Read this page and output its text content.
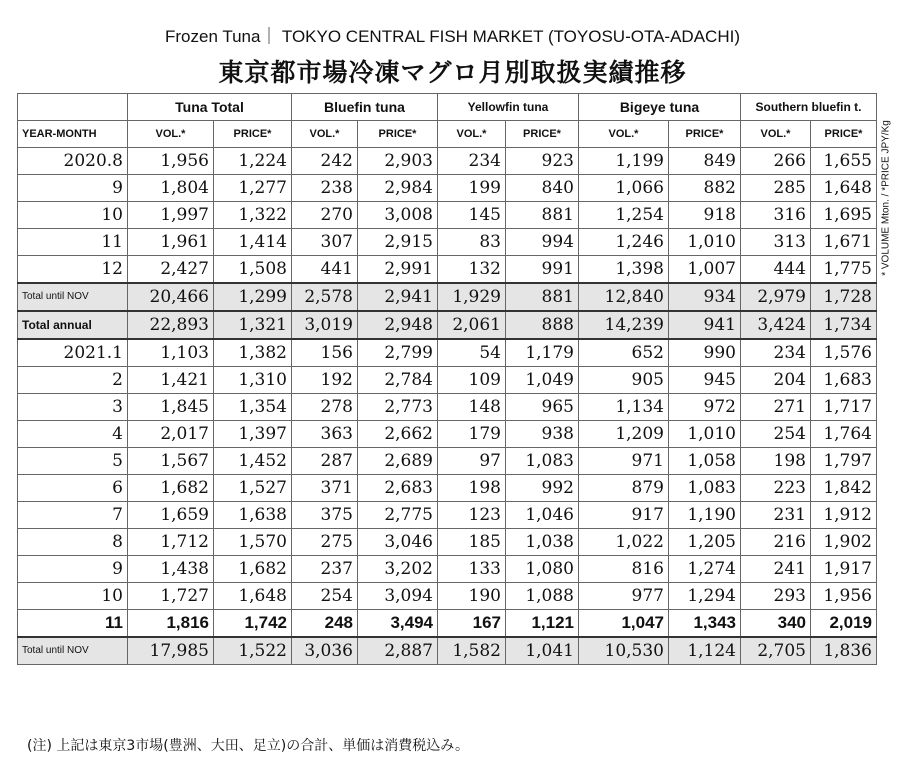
Frozen Tuna｜ TOKYO CENTRAL FISH MARKET (TOYOSU-OTA-ADACHI)
東京都市場冷凍マグロ月別取扱実績推移
* VOLUME Mton. / *PRICE JPY/Kg
	Tuna Total		Bluefin tuna		Yellowfin tuna		Bigeye tuna		Southern bluefin t.	
YEAR-MONTH	VOL.*	PRICE*	VOL.*	PRICE*	VOL.*	PRICE*	VOL.*	PRICE*	VOL.*	PRICE*
2020.8	1,956	1,224	242	2,903	234	923	1,199	849	266	1,655
9	1,804	1,277	238	2,984	199	840	1,066	882	285	1,648
10	1,997	1,322	270	3,008	145	881	1,254	918	316	1,695
11	1,961	1,414	307	2,915	83	994	1,246	1,010	313	1,671
12	2,427	1,508	441	2,991	132	991	1,398	1,007	444	1,775
Total until NOV	20,466	1,299	2,578	2,941	1,929	881	12,840	934	2,979	1,728
Total annual	22,893	1,321	3,019	2,948	2,061	888	14,239	941	3,424	1,734
2021.1	1,103	1,382	156	2,799	54	1,179	652	990	234	1,576
2	1,421	1,310	192	2,784	109	1,049	905	945	204	1,683
3	1,845	1,354	278	2,773	148	965	1,134	972	271	1,717
4	2,017	1,397	363	2,662	179	938	1,209	1,010	254	1,764
5	1,567	1,452	287	2,689	97	1,083	971	1,058	198	1,797
6	1,682	1,527	371	2,683	198	992	879	1,083	223	1,842
7	1,659	1,638	375	2,775	123	1,046	917	1,190	231	1,912
8	1,712	1,570	275	3,046	185	1,038	1,022	1,205	216	1,902
9	1,438	1,682	237	3,202	133	1,080	816	1,274	241	1,917
10	1,727	1,648	254	3,094	190	1,088	977	1,294	293	1,956
11	1,816	1,742	248	3,494	167	1,121	1,047	1,343	340	2,019
Total until NOV	17,985	1,522	3,036	2,887	1,582	1,041	10,530	1,124	2,705	1,836
(注) 上記は東京3市場(豊洲、大田、足立)の合計、単価は消費税込み。
